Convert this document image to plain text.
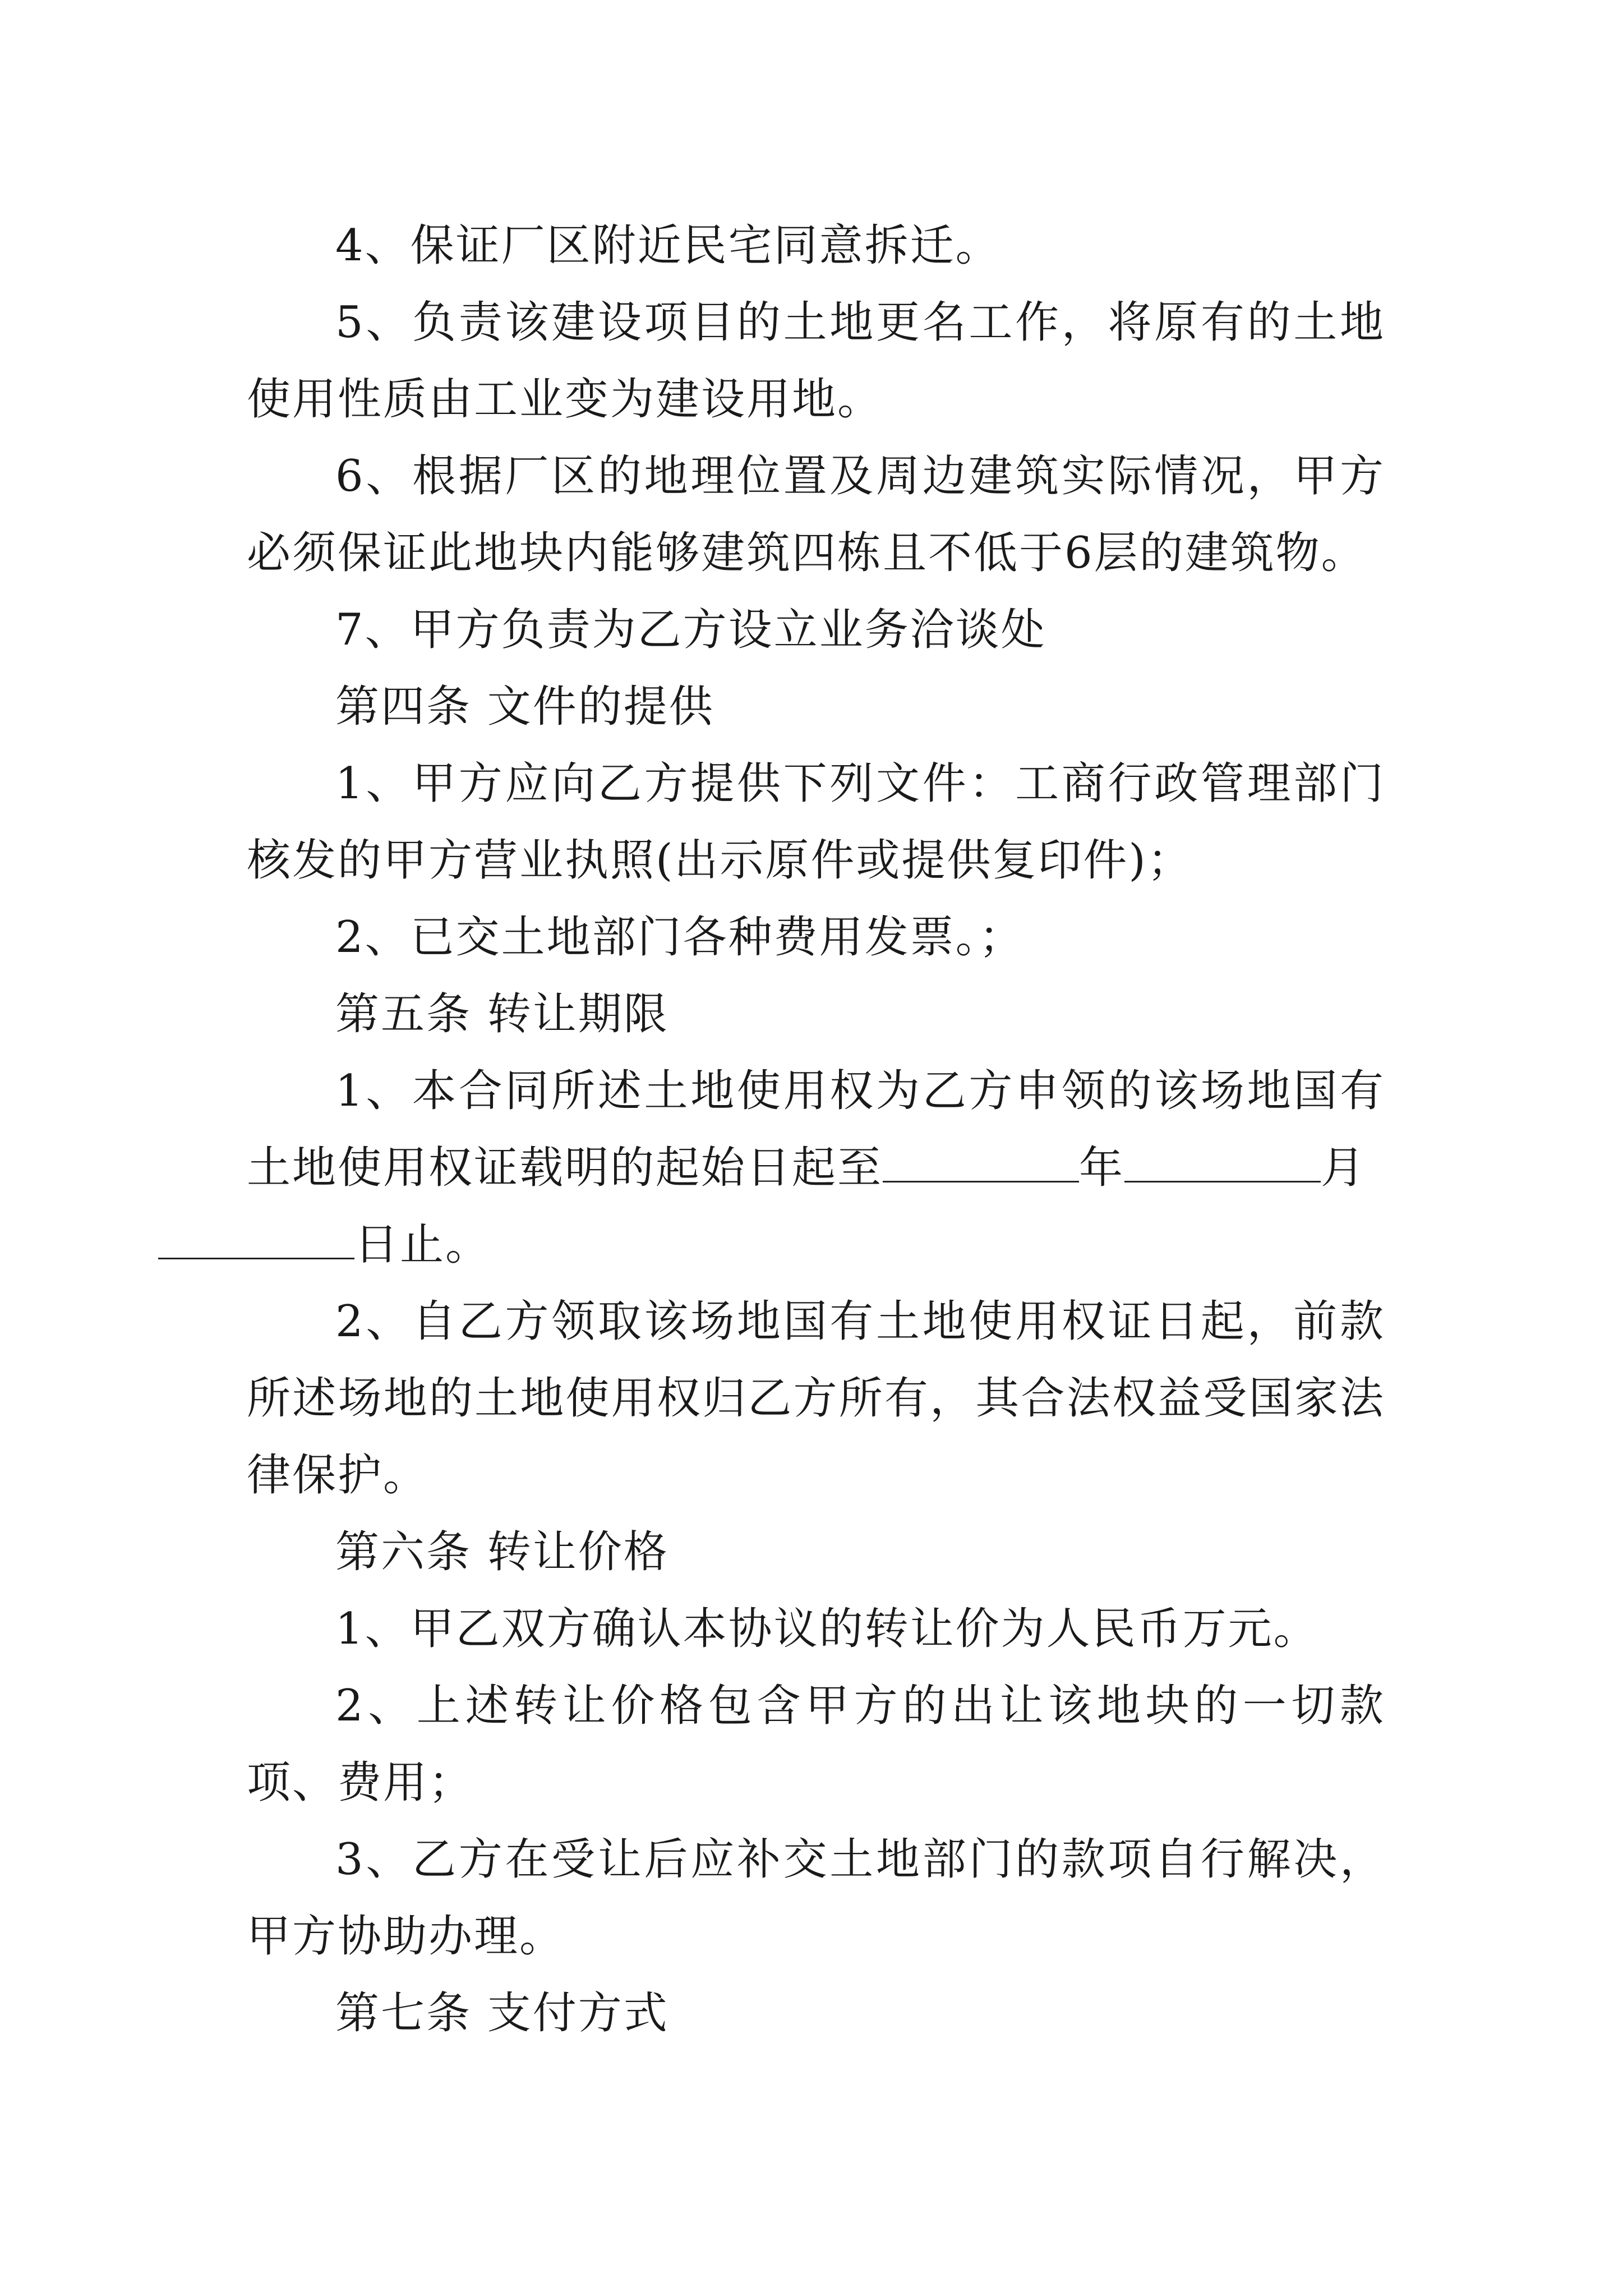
4、保证厂区附近民宅同意拆迁。

5、负责该建设项目的土地更名工作，将原有的土地使用性质由工业变为建设用地。

6、根据厂区的地理位置及周边建筑实际情况，甲方必须保证此地块内能够建筑四栋且不低于6层的建筑物。

7、甲方负责为乙方设立业务洽谈处

第四条 文件的提供

1、甲方应向乙方提供下列文件：工商行政管理部门核发的甲方营业执照(出示原件或提供复印件)；

2、已交土地部门各种费用发票。；

第五条 转让期限

1、本合同所述土地使用权为乙方申领的该场地国有土地使用权证载明的起始日起至	年	月
日止。

2、自乙方领取该场地国有土地使用权证日起，前款所述场地的土地使用权归乙方所有，其合法权益受国家法律保护。

第六条 转让价格

1、甲乙双方确认本协议的转让价为人民币万元。

2、上述转让价格包含甲方的出让该地块的一切款项、费用；

3、乙方在受让后应补交土地部门的款项自行解决，甲方协助办理。

第七条 支付方式
